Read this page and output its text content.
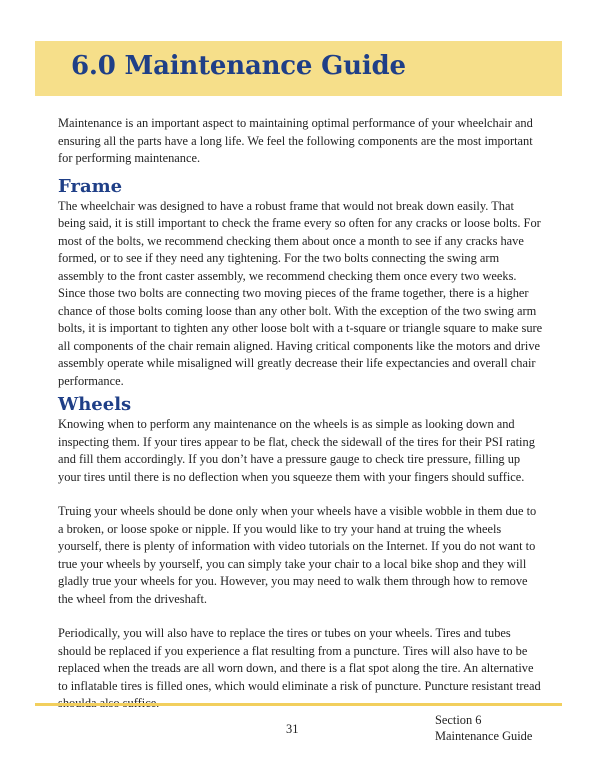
6.0 Maintenance Guide

Maintenance is an important aspect to maintaining optimal performance of your wheelchair and ensuring all the parts have a long life. We feel the following components are the most important for performing maintenance.

Frame

The wheelchair was designed to have a robust frame that would not break down easily. That being said, it is still important to check the frame every so often for any cracks or loose bolts. For most of the bolts, we recommend checking them about once a month to see if any cracks have formed, or to see if they need any tightening. For the two bolts connecting the swing arm assembly to the front caster assembly, we recommend checking them once every two weeks. Since those two bolts are connecting two moving pieces of the frame together, there is a higher chance of those bolts coming loose than any other bolt. With the exception of the two swing arm bolts, it is important to tighten any other loose bolt with a t-square or triangle square to make sure all components of the chair remain aligned. Having critical components like the motors and drive assembly operate while misaligned will greatly decrease their life expectancies and overall chair performance.

Wheels

Knowing when to perform any maintenance on the wheels is as simple as looking down and inspecting them. If your tires appear to be flat, check the sidewall of the tires for their PSI rating and fill them accordingly. If you don’t have a pressure gauge to check tire pressure, filling up your tires until there is no deflection when you squeeze them with your fingers should suffice.

Truing your wheels should be done only when your wheels have a visible wobble in them due to a broken, or loose spoke or nipple. If you would like to try your hand at truing the wheels yourself, there is plenty of information with video tutorials on the Internet. If you do not want to true your wheels by yourself, you can simply take your chair to a local bike shop and they will gladly true your wheels for you. However, you may need to walk them through how to remove the wheel from the driveshaft.

Periodically, you will also have to replace the tires or tubes on your wheels. Tires and tubes should be replaced if you experience a flat resulting from a puncture. Tires will also have to be replaced when the treads are all worn down, and there is a flat spot along the tire. An alternative to inflatable tires is filled ones, which would eliminate a risk of puncture. Puncture resistant tread

31
Section 6
Maintenance Guide
